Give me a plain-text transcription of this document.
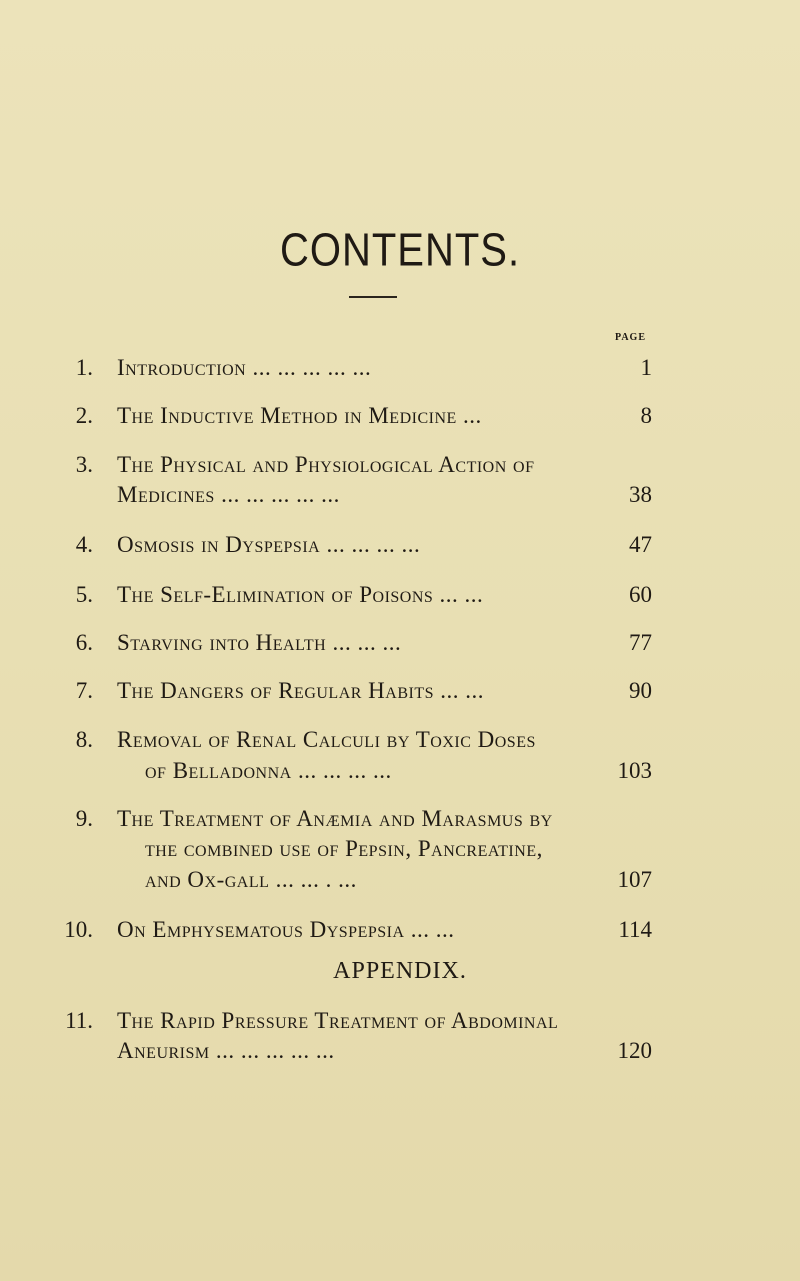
CONTENTS.
PAGE
1. Introduction ... ... ... ... ...	1
2. The Inductive Method in Medicine ...	8
3. The Physical and Physiological Action of
Medicines ... ... ... ... ...	38
4. Osmosis in Dyspepsia ... ... ... ...	47
5. The Self-Elimination of Poisons ... ...	60
6. Starving into Health ... ... ...	77
7. The Dangers of Regular Habits ... ...	90
8. Removal of Renal Calculi by Toxic Doses
of Belladonna ... ... ... ...	103
9. The Treatment of Anæmia and Marasmus by
the combined use of Pepsin, Pancreatine,
and Ox-gall ... ... . ...	107
10. On Emphysematous Dyspepsia ... ...	114
APPENDIX.
11. The Rapid Pressure Treatment of Abdominal
Aneurism ... ... ... ... ...	120
